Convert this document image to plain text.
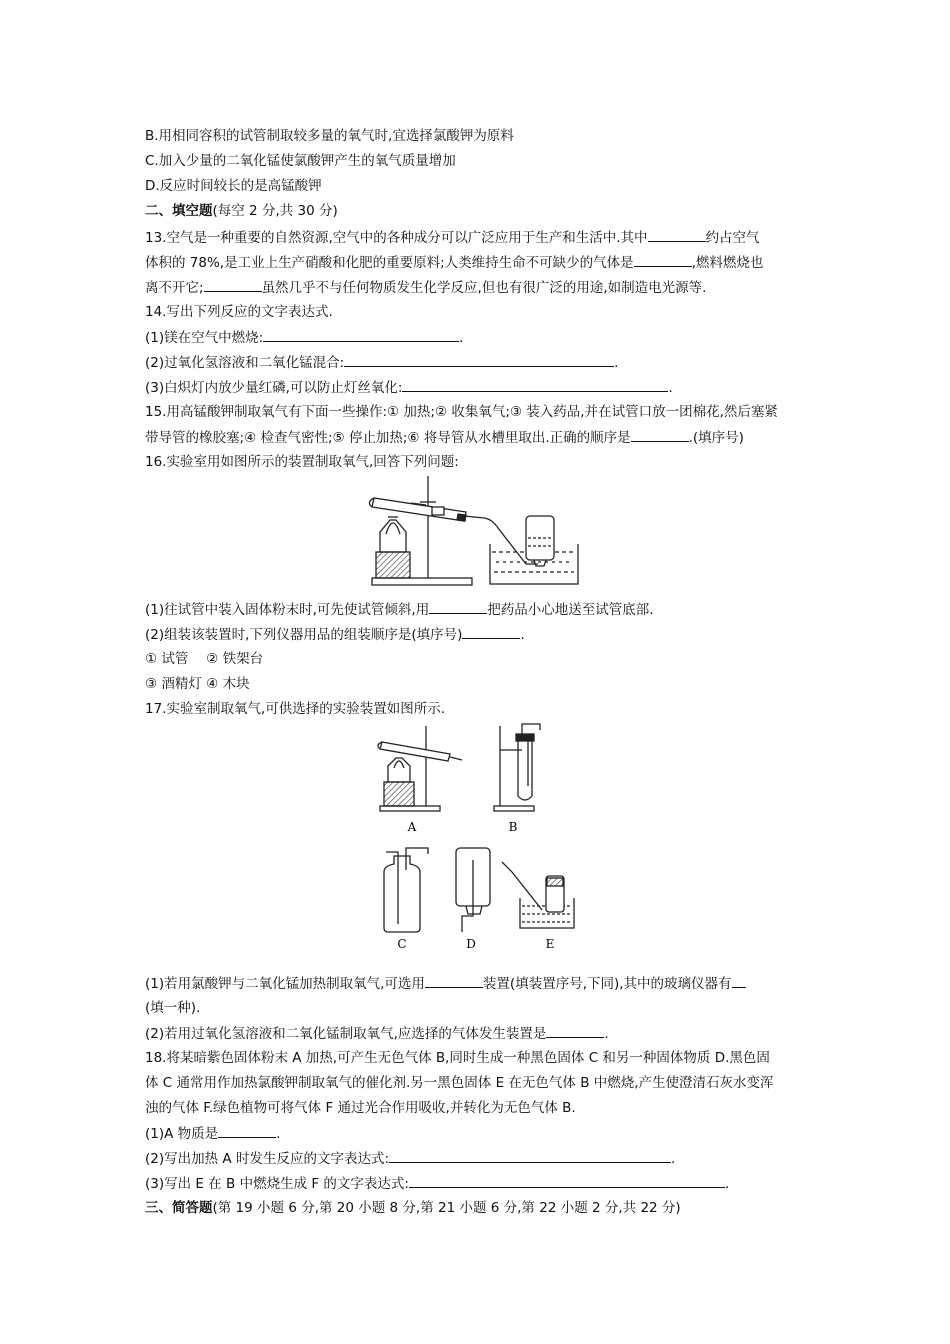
B.用相同容积的试管制取较多量的氧气时,宜选择氯酸钾为原料
C.加入少量的二氧化锰使氯酸钾产生的氧气质量增加
D.反应时间较长的是高锰酸钾
二、填空题(每空 2 分,共 30 分)
13.空气是一种重要的自然资源,空气中的各种成分可以广泛应用于生产和生活中.其中	约占空气
体积的 78%,是工业上生产硝酸和化肥的重要原料;人类维持生命不可缺少的气体是	,燃料燃烧也
离不开它;	虽然几乎不与任何物质发生化学反应,但也有很广泛的用途,如制造电光源等.
14.写出下列反应的文字表达式.
(1)镁在空气中燃烧:	.
(2)过氧化氢溶液和二氧化锰混合:	.
(3)白炽灯内放少量红磷,可以防止灯丝氧化:	.
15.用高锰酸钾制取氧气有下面一些操作:① 加热;② 收集氧气;③ 装入药品,并在试管口放一团棉花,然后塞紧
带导管的橡胶塞;④ 检查气密性;⑤ 停止加热;⑥ 将导管从水槽里取出.正确的顺序是	.(填序号)
16.实验室用如图所示的装置制取氧气,回答下列问题:
(1)往试管中装入固体粉末时,可先使试管倾斜,用	把药品小心地送至试管底部.
(2)组装该装置时,下列仪器用品的组装顺序是(填序号)	.
① 试管　 ② 铁架台
③ 酒精灯 ④ 木块
17.实验室制取氧气,可供选择的实验装置如图所示.
A	B
C	D	E
(1)若用氯酸钾与二氧化锰加热制取氧气,可选用	装置(填装置序号,下同),其中的玻璃仪器有
(填一种).
(2)若用过氧化氢溶液和二氧化锰制取氧气,应选择的气体发生装置是	.
18.将某暗紫色固体粉末 A 加热,可产生无色气体 B,同时生成一种黑色固体 C 和另一种固体物质 D.黑色固
体 C 通常用作加热氯酸钾制取氧气的催化剂.另一黑色固体 E 在无色气体 B 中燃烧,产生使澄清石灰水变浑
浊的气体 F.绿色植物可将气体 F 通过光合作用吸收,并转化为无色气体 B.
(1)A 物质是	.
(2)写出加热 A 时发生反应的文字表达式:	.
(3)写出 E 在 B 中燃烧生成 F 的文字表达式:	.
三、简答题(第 19 小题 6 分,第 20 小题 8 分,第 21 小题 6 分,第 22 小题 2 分,共 22 分)
